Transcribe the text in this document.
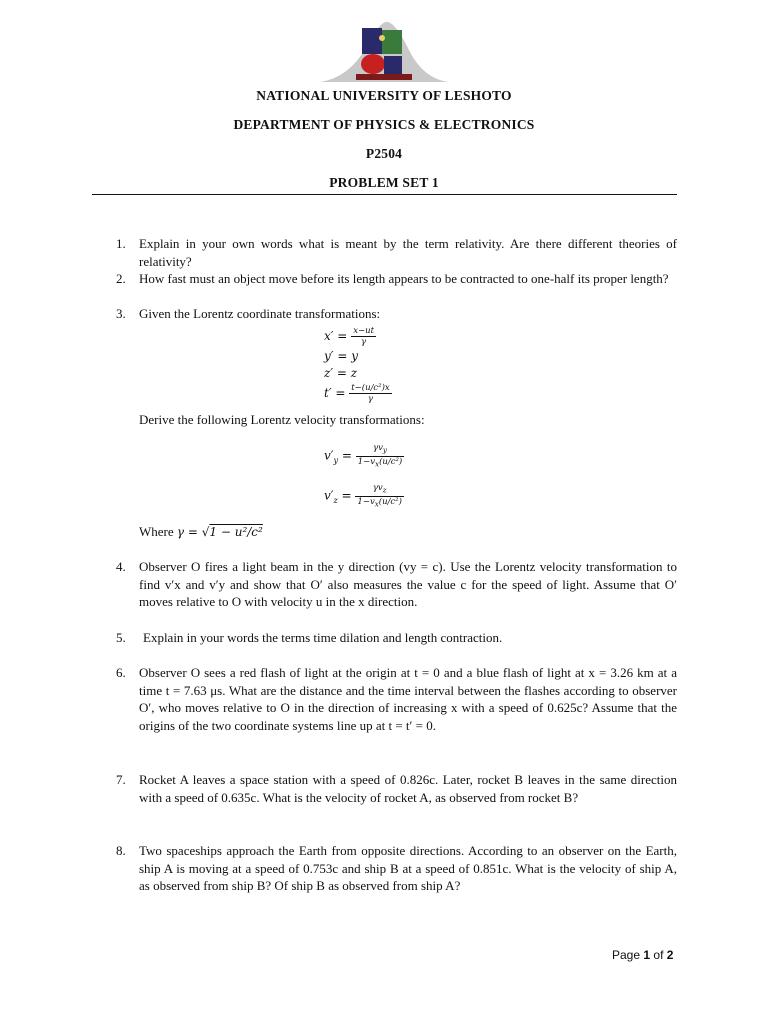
NATIONAL UNIVERSITY OF LESHOTO
DEPARTMENT OF PHYSICS & ELECTRONICS
P2504
PROBLEM SET 1
1. Explain in your own words what is meant by the term relativity. Are there different theories of relativity?
2. How fast must an object move before its length appears to be contracted to one-half its proper length?
3. Given the Lorentz coordinate transformations:
$x' = \frac{x-ut}{\gamma}$
y′ = y
z′ = z
$t' = \frac{\text{t−(u/c²)x}}{\gamma}$
Derive the following Lorentz velocity transformations:
$v'_y = \frac{\gamma v_y}{1-v_x(u/c^2)}$
$v'_z = \frac{\gamma v_z}{1-v_x(u/c^2)}$
Where γ = √1 − u²/c²
4. Observer O fires a light beam in the y direction (vy = c). Use the Lorentz velocity transformation to find v′x and v′y and show that O′ also measures the value c for the speed of light. Assume that O′ moves relative to O with velocity u in the x direction.
5. Explain in your words the terms time dilation and length contraction.
6. Observer O sees a red flash of light at the origin at t = 0 and a blue flash of light at x = 3.26 km at a time t = 7.63 μs. What are the distance and the time interval between the flashes according to observer O′, who moves relative to O in the direction of increasing x with a speed of 0.625c? Assume that the origins of the two coordinate systems line up at t = t′ = 0.
7. Rocket A leaves a space station with a speed of 0.826c. Later, rocket B leaves in the same direction with a speed of 0.635c. What is the velocity of rocket A, as observed from rocket B?
8. Two spaceships approach the Earth from opposite directions. According to an observer on the Earth, ship A is moving at a speed of 0.753c and ship B at a speed of 0.851c. What is the velocity of ship A, as observed from ship B? Of ship B as observed from ship A?
Page 1 of 2
